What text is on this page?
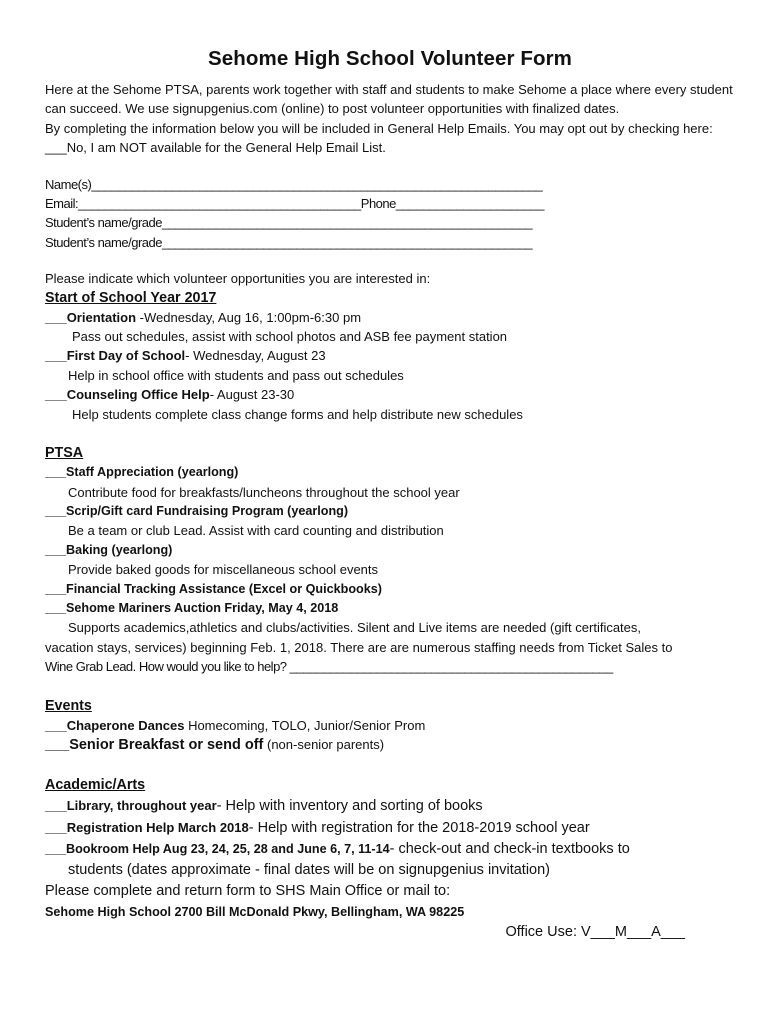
Sehome High School Volunteer Form

Here at the Sehome PTSA, parents work together with staff and students to make Sehome a place where every student can succeed. We use signupgenius.com (online) to post volunteer opportunities with finalized dates.

By completing the information below you will be included in General Help Emails. You may opt out by checking here: ___No, I am NOT available for the General Help Email List.

Name(s)___________________________________________________________________
Email:__________________________________________Phone______________________
Student’s name/grade_______________________________________________________
Student’s name/grade_______________________________________________________

Please indicate which volunteer opportunities you are interested in:

Start of School Year 2017
___Orientation -Wednesday, Aug 16, 1:00pm-6:30 pm
Pass out schedules, assist with school photos and ASB fee payment station
___First Day of School- Wednesday, August 23
Help in school office with students and pass out schedules
___Counseling Office Help- August 23-30
Help students complete class change forms and help distribute new schedules
PTSA
___Staff Appreciation (yearlong)
Contribute food for breakfasts/luncheons throughout the school year
___Scrip/Gift card Fundraising Program (yearlong)
Be a team or club Lead. Assist with card counting and distribution
___Baking (yearlong)
Provide baked goods for miscellaneous school events
___Financial Tracking Assistance (Excel or Quickbooks)
___Sehome Mariners Auction Friday, May 4, 2018
Supports academics,athletics and clubs/activities. Silent and Live items are needed (gift certificates,
vacation stays, services) beginning Feb. 1, 2018. There are are numerous staffing needs from Ticket Sales to
Wine Grab Lead. How would you like to help? ________________________________________________
Events
___Chaperone Dances Homecoming, TOLO, Junior/Senior Prom
___Senior Breakfast or send off (non-senior parents)
Academic/Arts
___Library, throughout year- Help with inventory and sorting of books
___Registration Help March 2018- Help with registration for the 2018-2019 school year
___Bookroom Help Aug 23, 24, 25, 28 and June 6, 7, 11-14- check-out and check-in textbooks to
students (dates approximate - final dates will be on signupgenius invitation)
Please complete and return form to SHS Main Office or mail to:
Sehome High School 2700 Bill McDonald Pkwy, Bellingham, WA 98225
Office Use: V___M___A___
